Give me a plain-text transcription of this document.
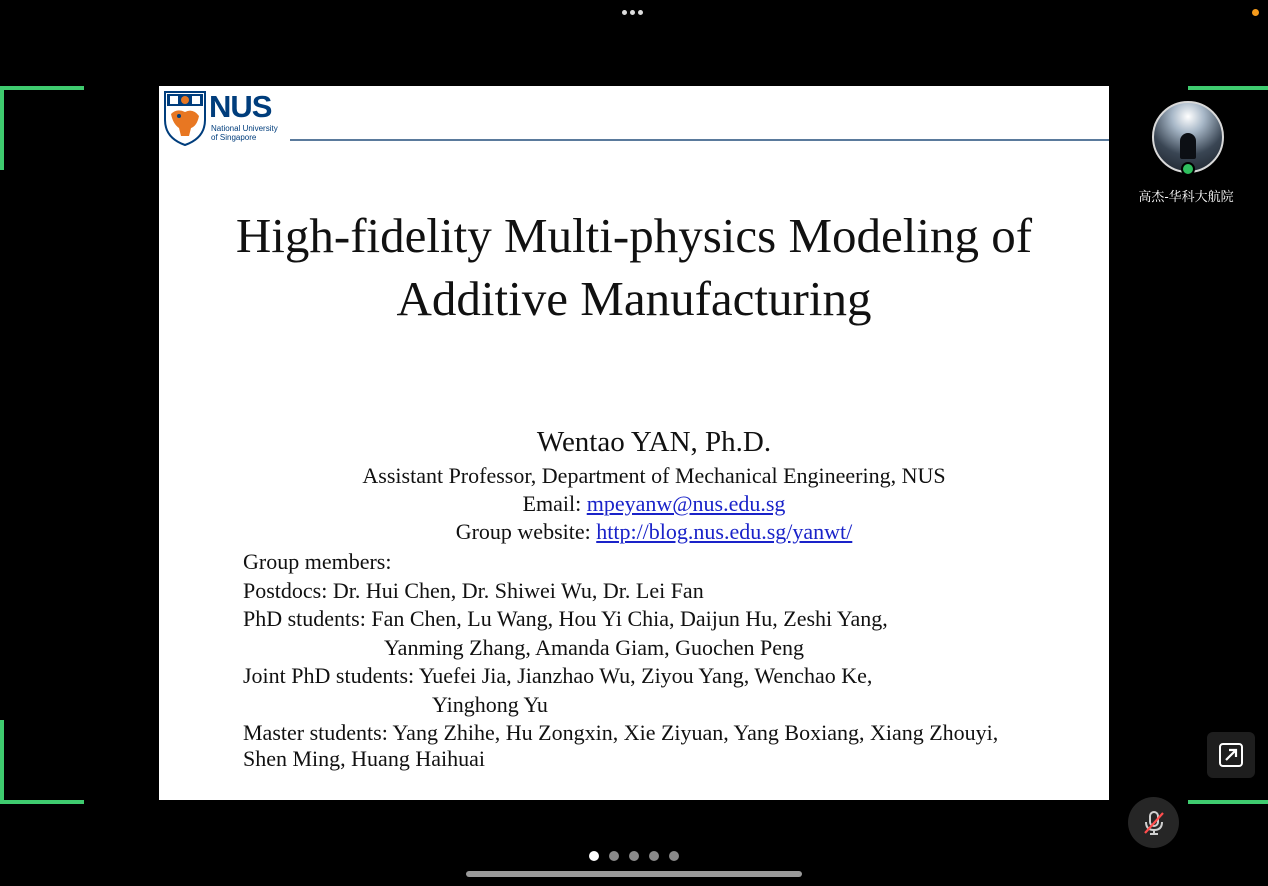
NUS
National University
of Singapore
High-fidelity Multi-physics Modeling of
Additive Manufacturing
Wentao YAN, Ph.D.
Assistant Professor, Department of Mechanical Engineering, NUS
Email: mpeyanw@nus.edu.sg
Group website: http://blog.nus.edu.sg/yanwt/
Group members:
Postdocs: Dr. Hui Chen, Dr. Shiwei Wu, Dr. Lei Fan
PhD students: Fan Chen, Lu Wang, Hou Yi Chia, Daijun Hu, Zeshi Yang,
Yanming Zhang, Amanda Giam, Guochen Peng
Joint PhD students: Yuefei Jia, Jianzhao Wu, Ziyou Yang, Wenchao Ke,
Yinghong Yu
Master students: Yang Zhihe, Hu Zongxin, Xie Ziyuan, Yang Boxiang, Xiang Zhouyi,
Shen Ming, Huang Haihuai
高杰-华科大航院
